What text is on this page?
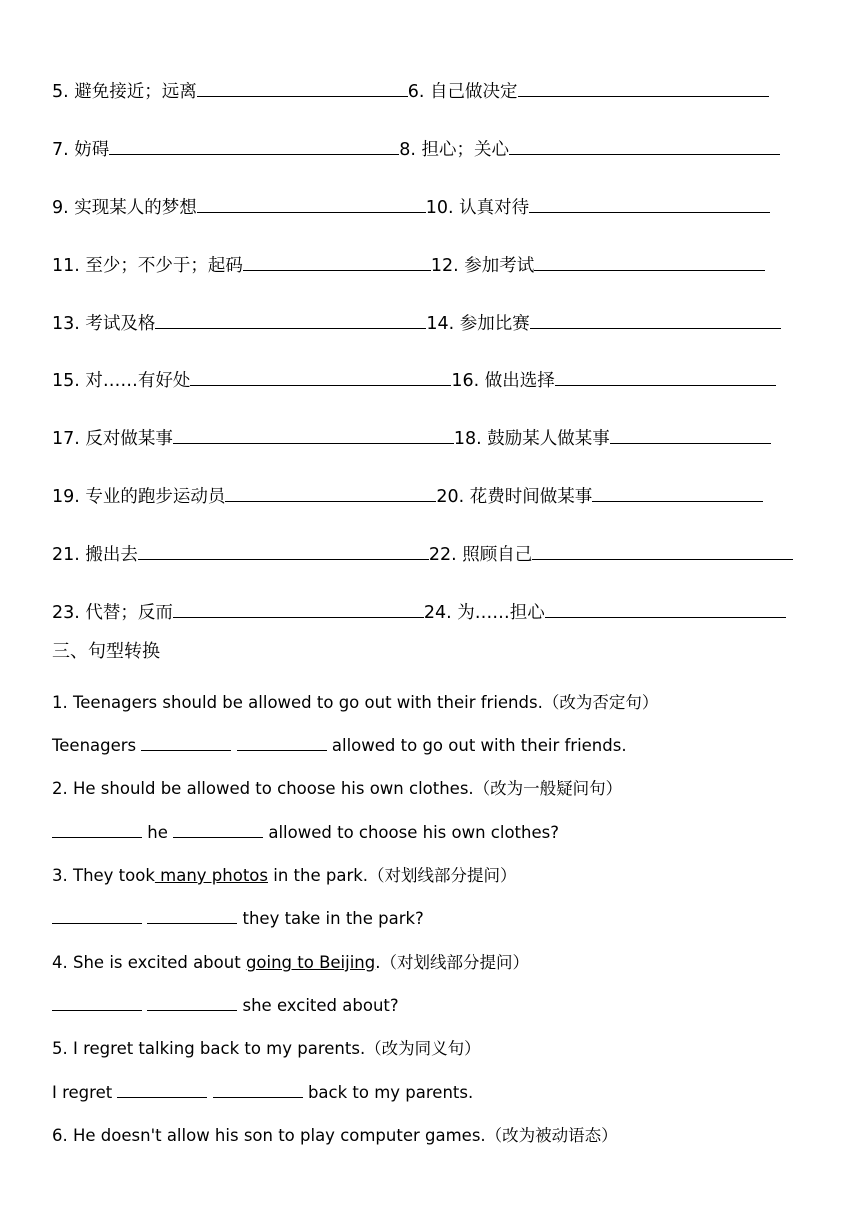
5. 避免接近；远离	6. 自己做决定
7. 妨碍	8. 担心；关心
9. 实现某人的梦想	10. 认真对待
11. 至少；不少于；起码	12. 参加考试
13. 考试及格	14. 参加比赛
15. 对……有好处	16. 做出选择
17. 反对做某事	18. 鼓励某人做某事
19. 专业的跑步运动员	20. 花费时间做某事
21. 搬出去	22. 照顾自己
23. 代替；反而	24. 为……担心
三、句型转换
1. Teenagers should be allowed to go out with their friends.（改为否定句）
Teenagers	allowed to go out with their friends.
2. He should be allowed to choose his own clothes.（改为一般疑问句）
he	allowed to choose his own clothes?
3. They took many photos in the park.（对划线部分提问）
they take in the park?
4. She is excited about going to Beijing.（对划线部分提问）
she excited about?
5. I regret talking back to my parents.（改为同义句）
I regret	back to my parents.
6. He doesn't allow his son to play computer games.（改为被动语态）
